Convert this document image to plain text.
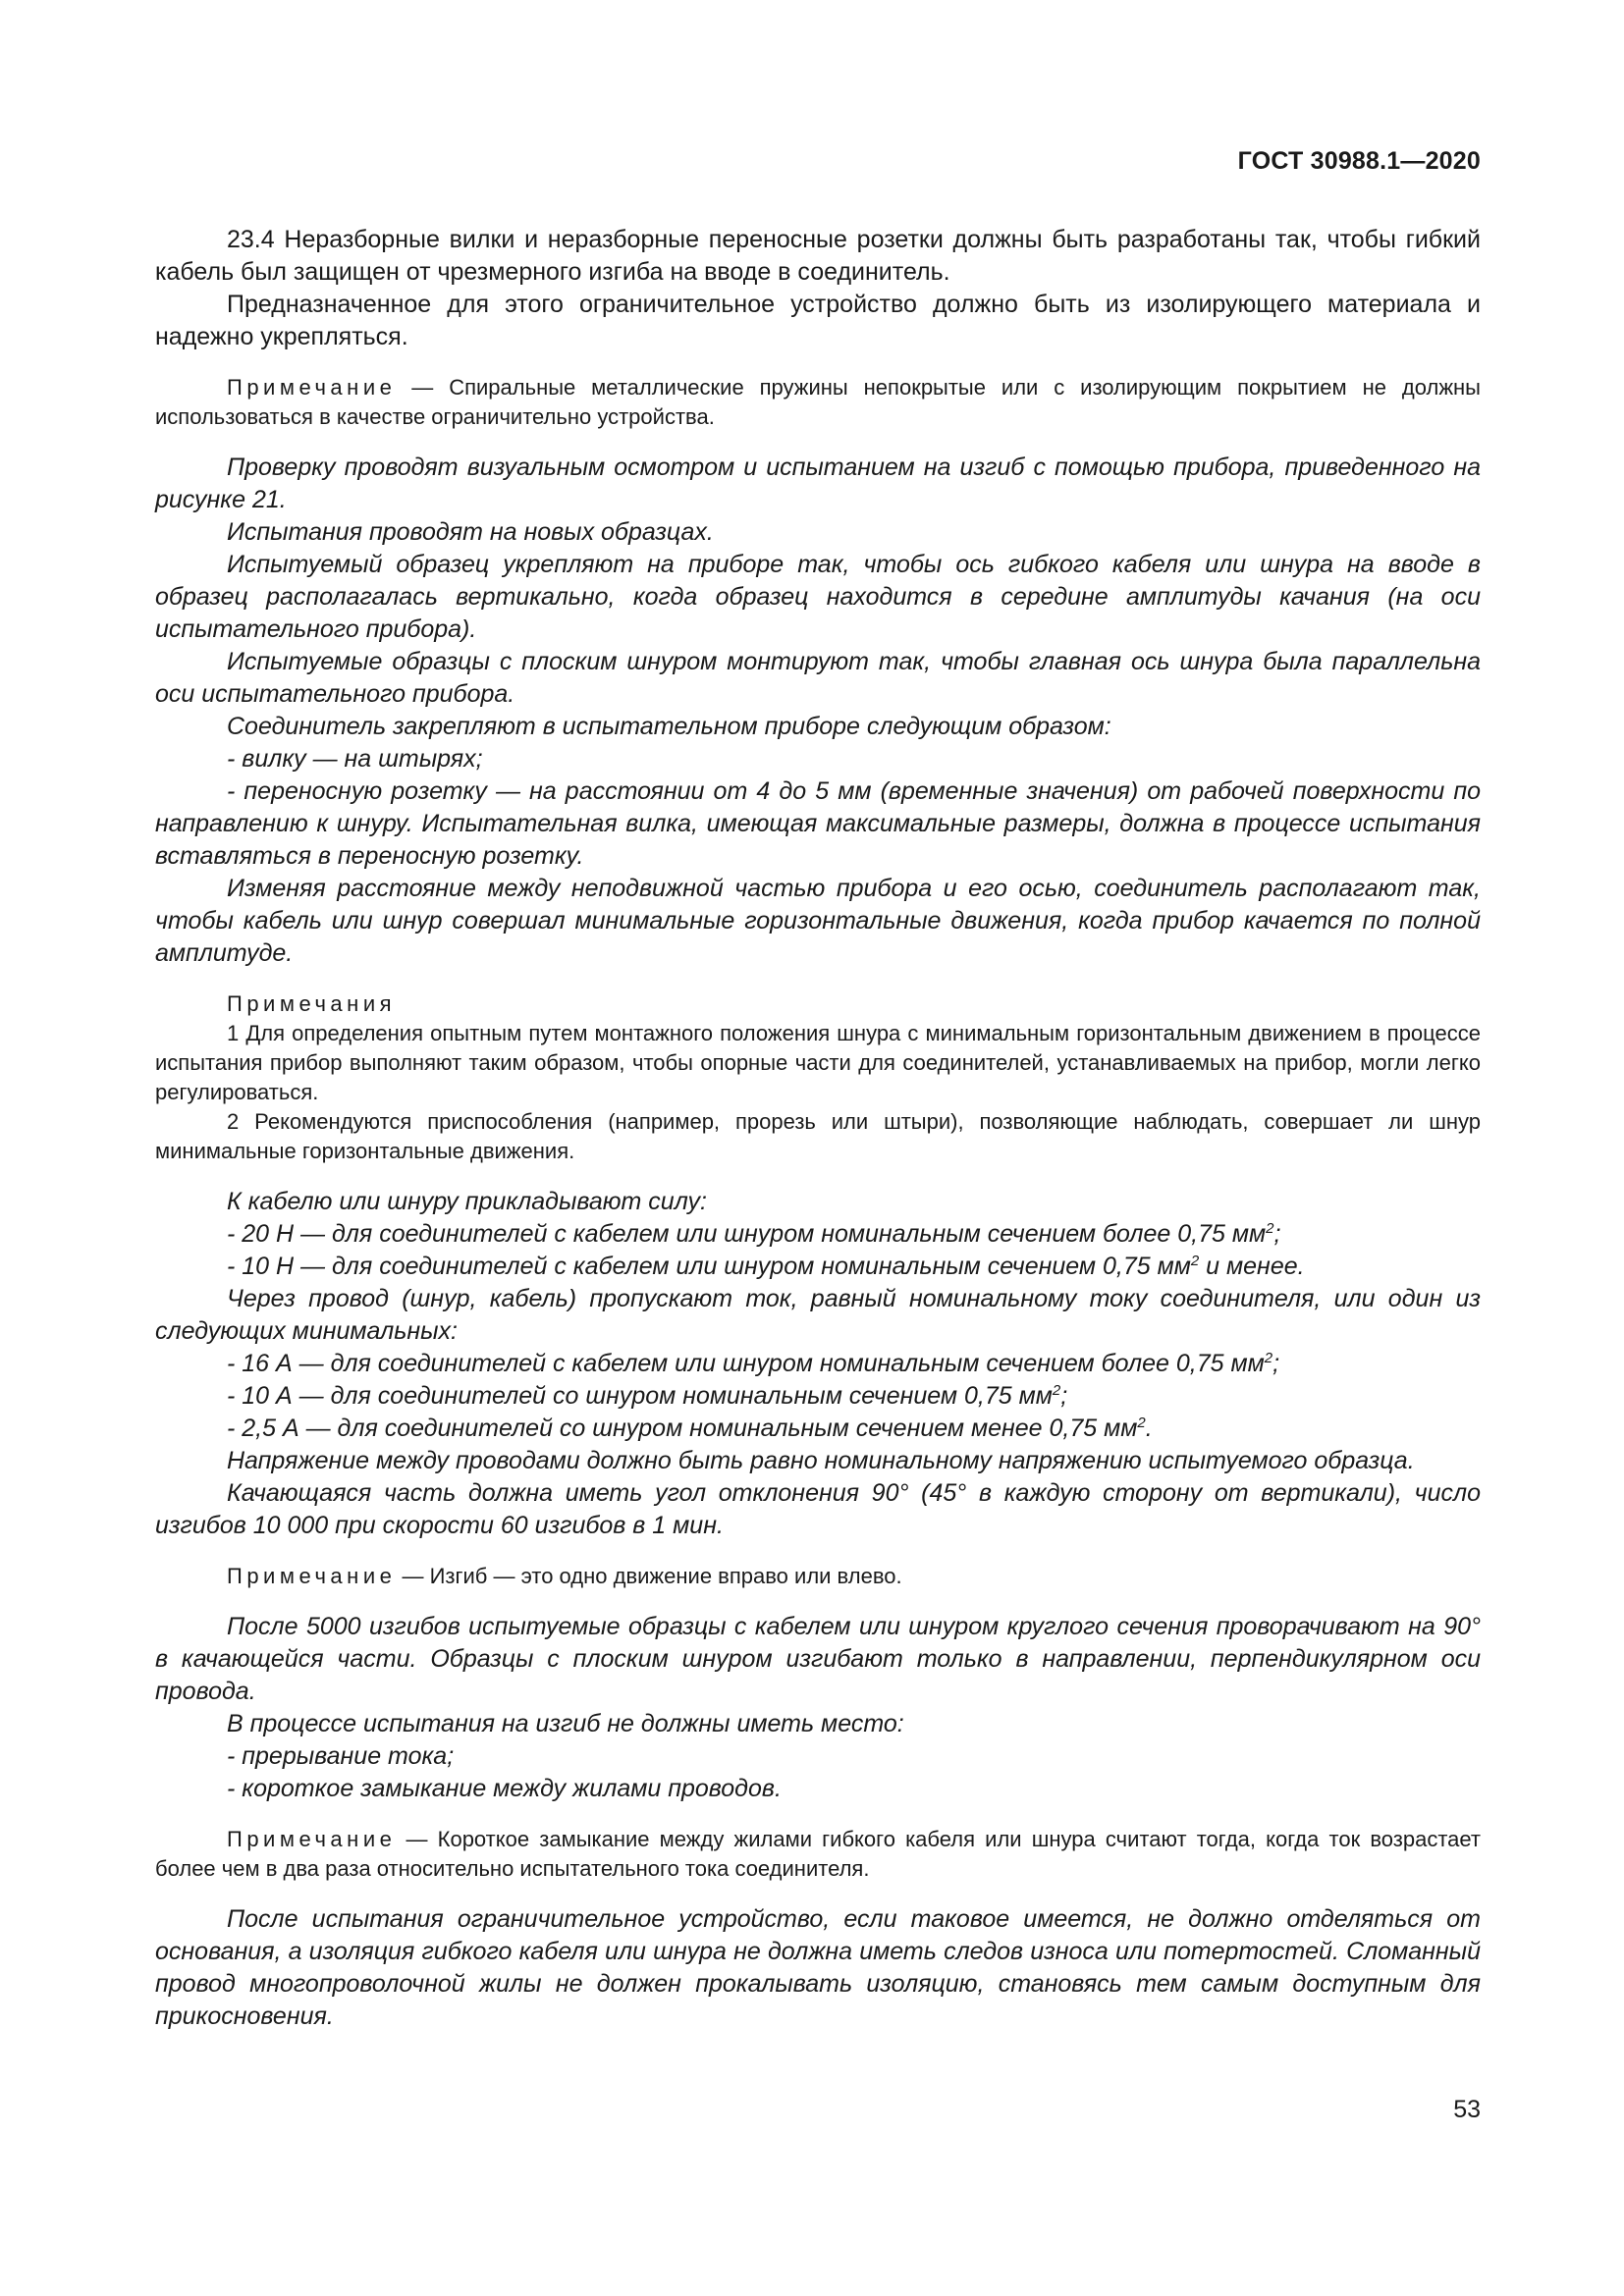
ГОСТ 30988.1—2020

23.4 Неразборные вилки и неразборные переносные розетки должны быть разработаны так, чтобы гибкий кабель был защищен от чрезмерного изгиба на вводе в соединитель.

Предназначенное для этого ограничительное устройство должно быть из изолирующего материала и надежно укрепляться.

Примечание — Спиральные металлические пружины непокрытые или с изолирующим покрытием не должны использоваться в качестве ограничительно устройства.

Проверку проводят визуальным осмотром и испытанием на изгиб с помощью прибора, приведенного на рисунке 21.

Испытания проводят на новых образцах.

Испытуемый образец укрепляют на приборе так, чтобы ось гибкого кабеля или шнура на вводе в образец располагалась вертикально, когда образец находится в середине амплитуды качания (на оси испытательного прибора).

Испытуемые образцы с плоским шнуром монтируют так, чтобы главная ось шнура была параллельна оси испытательного прибора.

Соединитель закрепляют в испытательном приборе следующим образом:

- вилку — на штырях;

- переносную розетку — на расстоянии от 4 до 5 мм (временные значения) от рабочей поверхности по направлению к шнуру. Испытательная вилка, имеющая максимальные размеры, должна в процессе испытания вставляться в переносную розетку.

Изменяя расстояние между неподвижной частью прибора и его осью, соединитель располагают так, чтобы кабель или шнур совершал минимальные горизонтальные движения, когда прибор качается по полной амплитуде.

Примечания

1 Для определения опытным путем монтажного положения шнура с минимальным горизонтальным движением в процессе испытания прибор выполняют таким образом, чтобы опорные части для соединителей, устанавливаемых на прибор, могли легко регулироваться.

2 Рекомендуются приспособления (например, прорезь или штыри), позволяющие наблюдать, совершает ли шнур минимальные горизонтальные движения.

К кабелю или шнуру прикладывают силу:

- 20 Н — для соединителей с кабелем или шнуром номинальным сечением более 0,75 $мм^2$;

- 10 Н — для соединителей с кабелем или шнуром номинальным сечением 0,75 $мм^2$ и менее.

Через провод (шнур, кабель) пропускают ток, равный номинальному току соединителя, или один из следующих минимальных:

- 16 А — для соединителей с кабелем или шнуром номинальным сечением более 0,75 $мм^2$;

- 10 А — для соединителей со шнуром номинальным сечением 0,75 $мм^2$;

- 2,5 А — для соединителей со шнуром номинальным сечением менее 0,75 $мм^2$.

Напряжение между проводами должно быть равно номинальному напряжению испытуемого образца.

Качающаяся часть должна иметь угол отклонения 90° (45° в каждую сторону от вертикали), число изгибов 10 000 при скорости 60 изгибов в 1 мин.

Примечание — Изгиб — это одно движение вправо или влево.

После 5000 изгибов испытуемые образцы с кабелем или шнуром круглого сечения проворачивают на 90° в качающейся части. Образцы с плоским шнуром изгибают только в направлении, перпендикулярном оси провода.

В процессе испытания на изгиб не должны иметь место:

- прерывание тока;

- короткое замыкание между жилами проводов.

Примечание — Короткое замыкание между жилами гибкого кабеля или шнура считают тогда, когда ток возрастает более чем в два раза относительно испытательного тока соединителя.

После испытания ограничительное устройство, если таковое имеется, не должно отделяться от основания, а изоляция гибкого кабеля или шнура не должна иметь следов износа или потертостей. Сломанный провод многопроволочной жилы не должен прокалывать изоляцию, становясь тем самым доступным для прикосновения.

53
